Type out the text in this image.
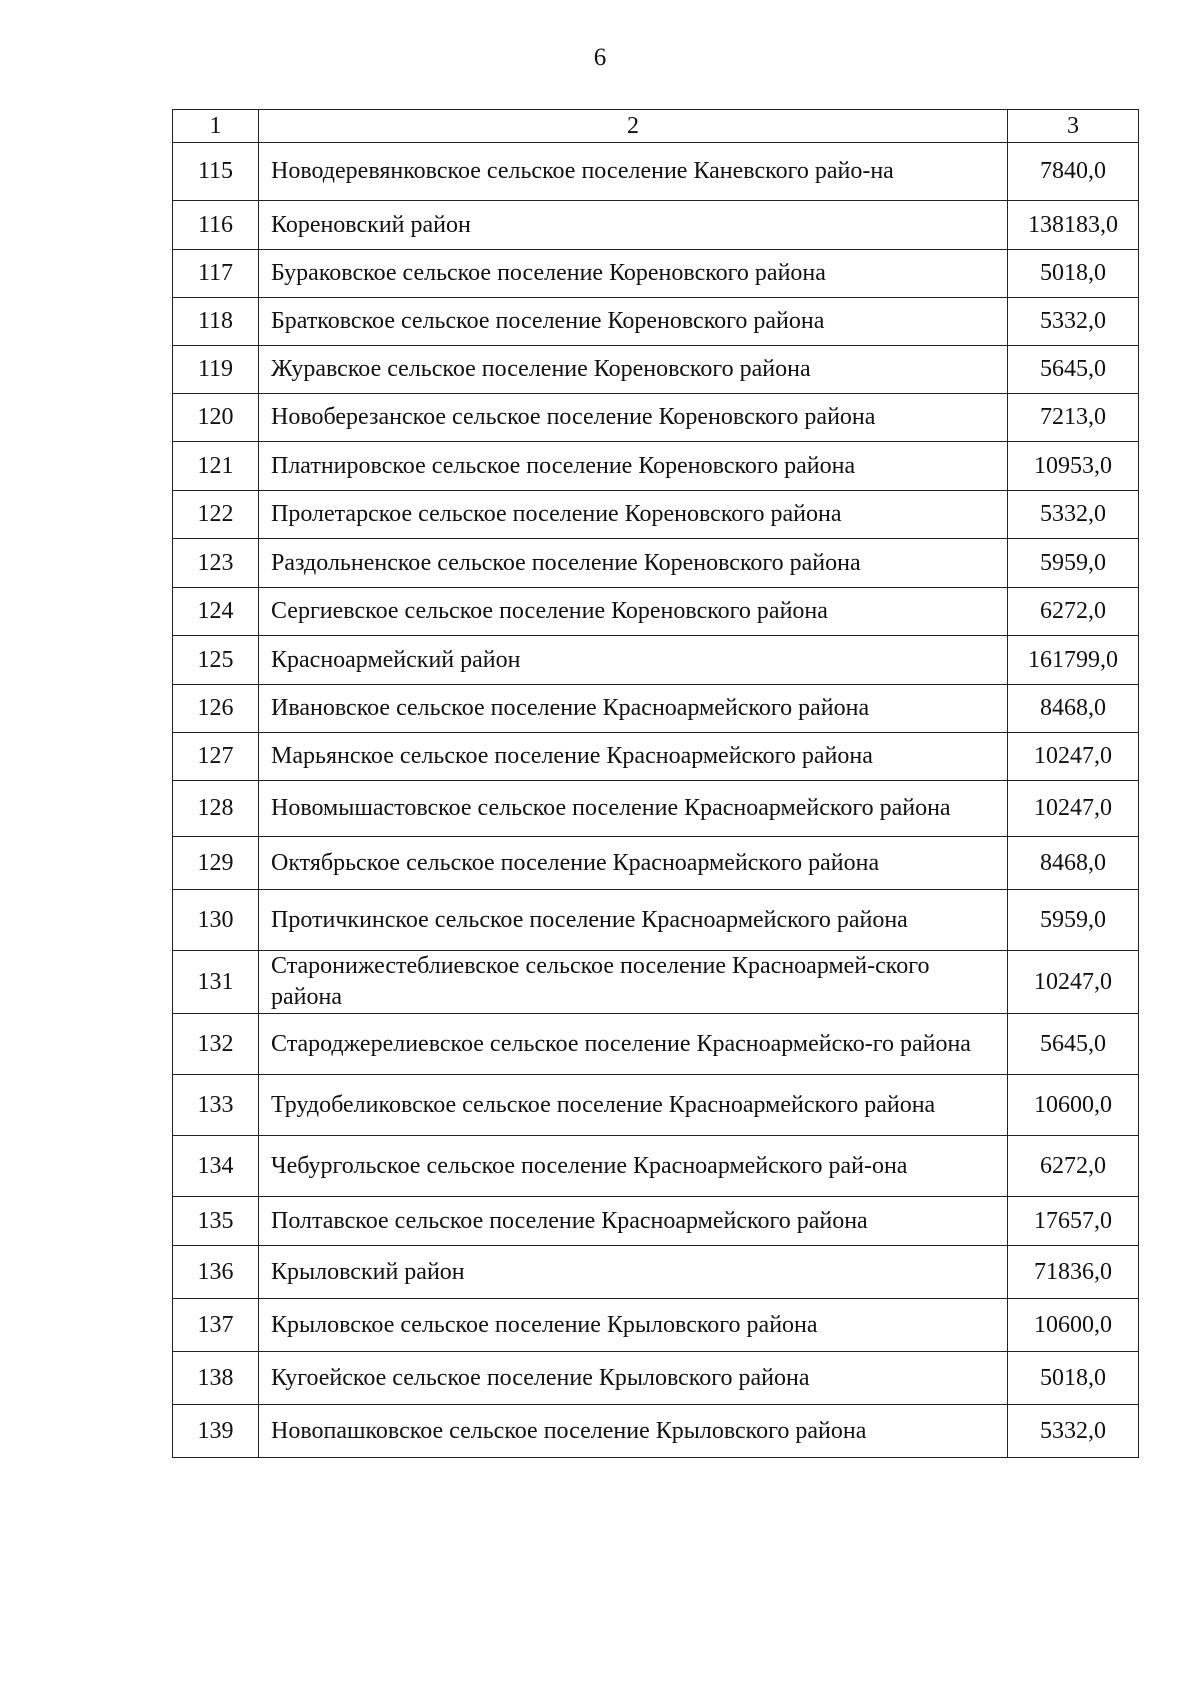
6
1	2	3
115	Новодеревянковское сельское поселение Каневского райо-на	7840,0
116	Кореновский район	138183,0
117	Бураковское сельское поселение Кореновского района	5018,0
118	Братковское сельское поселение Кореновского района	5332,0
119	Журавское сельское поселение Кореновского района	5645,0
120	Новоберезанское сельское поселение Кореновского района	7213,0
121	Платнировское сельское поселение Кореновского района	10953,0
122	Пролетарское сельское поселение Кореновского района	5332,0
123	Раздольненское сельское поселение Кореновского района	5959,0
124	Сергиевское сельское поселение Кореновского района	6272,0
125	Красноармейский район	161799,0
126	Ивановское сельское поселение Красноармейского района	8468,0
127	Марьянское сельское поселение Красноармейского района	10247,0
128	Новомышастовское сельское поселение Красноармейского района	10247,0
129	Октябрьское сельское поселение Красноармейского района	8468,0
130	Протичкинское сельское поселение Красноармейского района	5959,0
131	Старонижестеблиевское сельское поселение Красноармей-ского района	10247,0
132	Староджерелиевское сельское поселение Красноармейско-го района	5645,0
133	Трудобеликовское сельское поселение Красноармейского района	10600,0
134	Чебургольское сельское поселение Красноармейского рай-она	6272,0
135	Полтавское сельское поселение Красноармейского района	17657,0
136	Крыловский район	71836,0
137	Крыловское сельское поселение Крыловского района	10600,0
138	Кугоейское сельское поселение Крыловского района	5018,0
139	Новопашковское сельское поселение Крыловского района	5332,0
